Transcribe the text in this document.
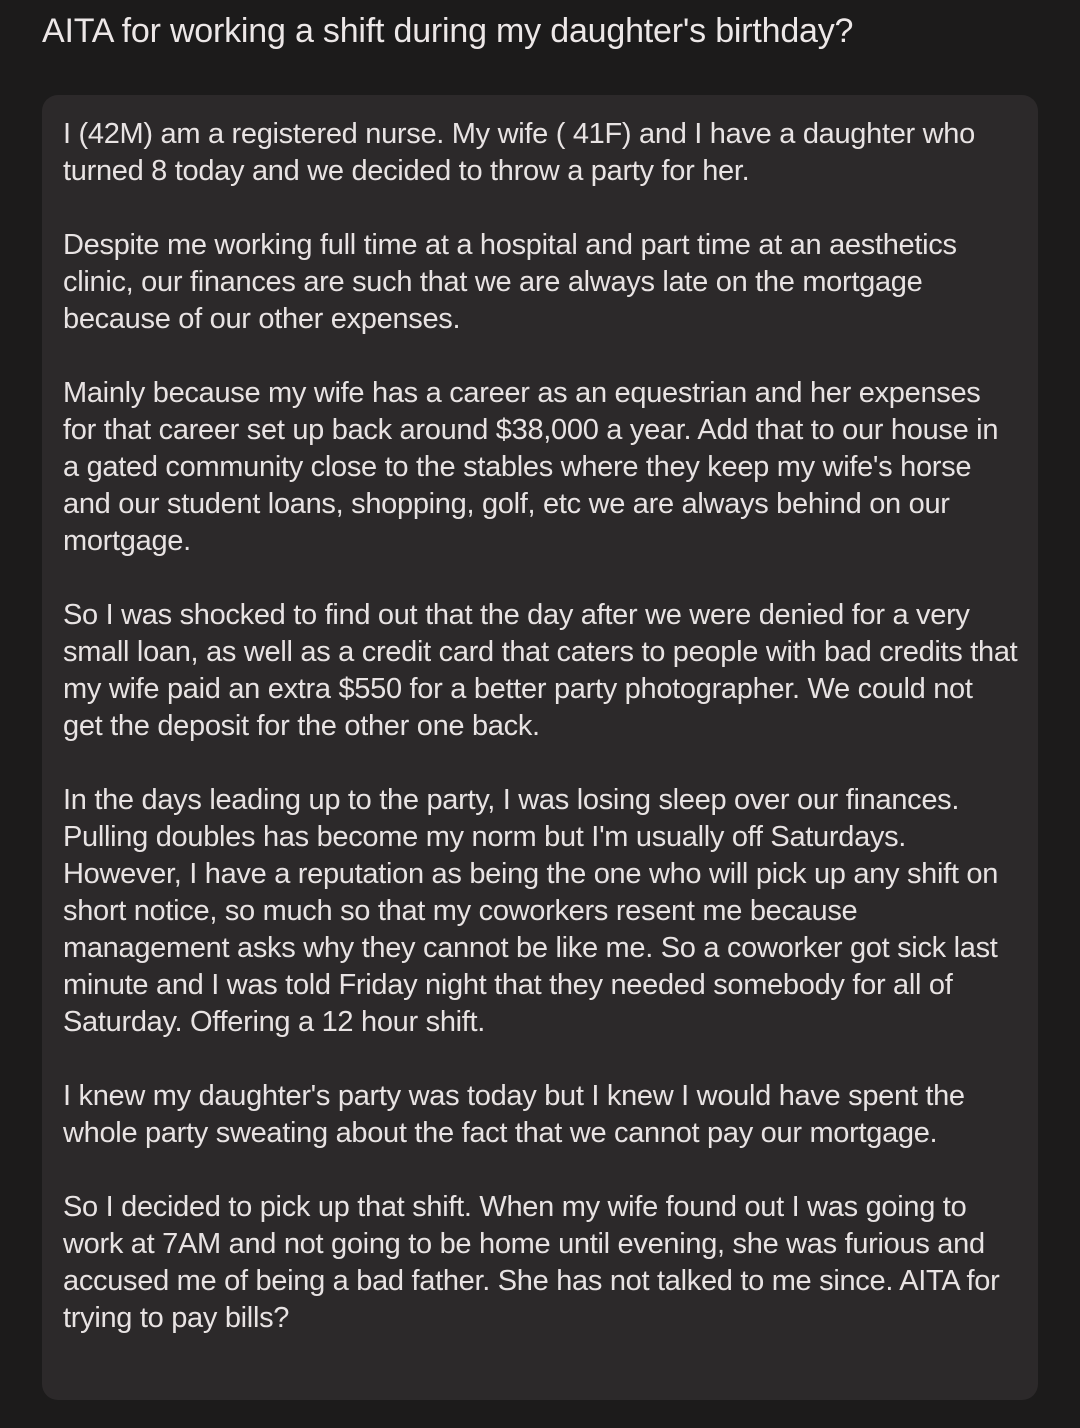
AITA for working a shift during my daughter's birthday?

I (42M) am a registered nurse. My wife ( 41F) and I have a daughter who turned 8 today and we decided to throw a party for her.

Despite me working full time at a hospital and part time at an aesthetics clinic, our finances are such that we are always late on the mortgage because of our other expenses.

Mainly because my wife has a career as an equestrian and her expenses for that career set up back around $38,000 a year. Add that to our house in a gated community close to the stables where they keep my wife's horse and our student loans, shopping, golf, etc we are always behind on our mortgage.

So I was shocked to find out that the day after we were denied for a very small loan, as well as a credit card that caters to people with bad credits that my wife paid an extra $550 for a better party photographer. We could not get the deposit for the other one back.

In the days leading up to the party, I was losing sleep over our finances. Pulling doubles has become my norm but I'm usually off Saturdays. However, I have a reputation as being the one who will pick up any shift on short notice, so much so that my coworkers resent me because management asks why they cannot be like me. So a coworker got sick last minute and I was told Friday night that they needed somebody for all of Saturday. Offering a 12 hour shift.

I knew my daughter's party was today but I knew I would have spent the whole party sweating about the fact that we cannot pay our mortgage.

So I decided to pick up that shift. When my wife found out I was going to work at 7AM and not going to be home until evening, she was furious and accused me of being a bad father. She has not talked to me since. AITA for trying to pay bills?
